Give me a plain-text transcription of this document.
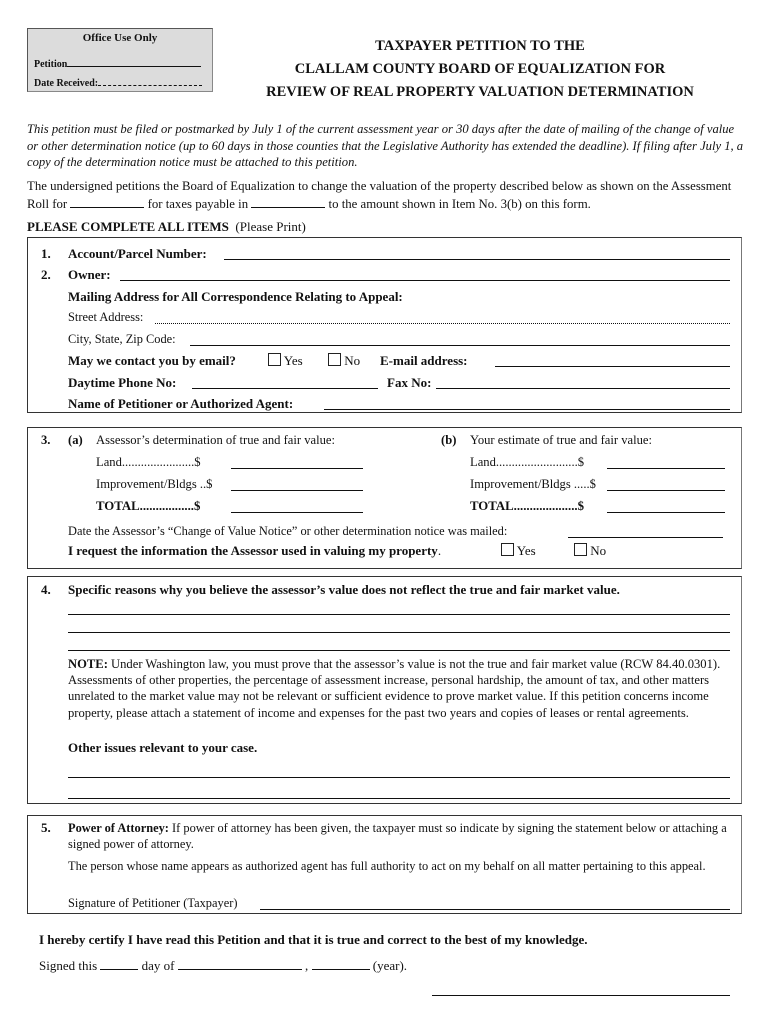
Office Use Only
Petition
Date Received:
TAXPAYER PETITION TO THE
CLALLAM COUNTY BOARD OF EQUALIZATION FOR
REVIEW OF REAL PROPERTY VALUATION DETERMINATION
This petition must be filed or postmarked by July 1 of the current assessment year or 30 days after the date of mailing of the change of value or other determination notice (up to 60 days in those counties that the Legislative Authority has extended the deadline). If filing after July 1, a copy of the determination notice must be attached to this petition.
The undersigned petitions the Board of Equalization to change the valuation of the property described below as shown on the Assessment Roll for	for taxes payable in	to the amount shown in Item No. 3(b) on this form.
PLEASE COMPLETE ALL ITEMS (Please Print)
1. Account/Parcel Number:
2. Owner:
Mailing Address for All Correspondence Relating to Appeal:
Street Address:
City, State, Zip Code:
May we contact you by email?	Yes	No E-mail address:
Daytime Phone No:	Fax No:
Name of Petitioner or Authorized Agent:
3. (a) Assessor’s determination of true and fair value:	(b) Your estimate of true and fair value:
Land.......................$	Land..........................$
Improvement/Bldgs ..$	Improvement/Bldgs .....$
TOTAL.................$	TOTAL....................$
Date the Assessor’s “Change of Value Notice” or other determination notice was mailed:
I request the information the Assessor used in valuing my property.	Yes	No
4. Specific reasons why you believe the assessor’s value does not reflect the true and fair market value.
NOTE: Under Washington law, you must prove that the assessor’s value is not the true and fair market value (RCW 84.40.0301). Assessments of other properties, the percentage of assessment increase, personal hardship, the amount of tax, and other matters unrelated to the market value may not be relevant or sufficient evidence to prove market value. If this petition concerns income property, please attach a statement of income and expenses for the past two years and copies of leases or rental agreements.
Other issues relevant to your case.
Power of Attorney: If power of attorney has been given, the taxpayer must so indicate by signing the statement below or attaching a signed power of attorney.
5.
The person whose name appears as authorized agent has full authority to act on my behalf on all matter pertaining to this appeal.
Signature of Petitioner (Taxpayer)
I hereby certify I have read this Petition and that it is true and correct to the best of my knowledge.
Signed this	day of	,	(year).
